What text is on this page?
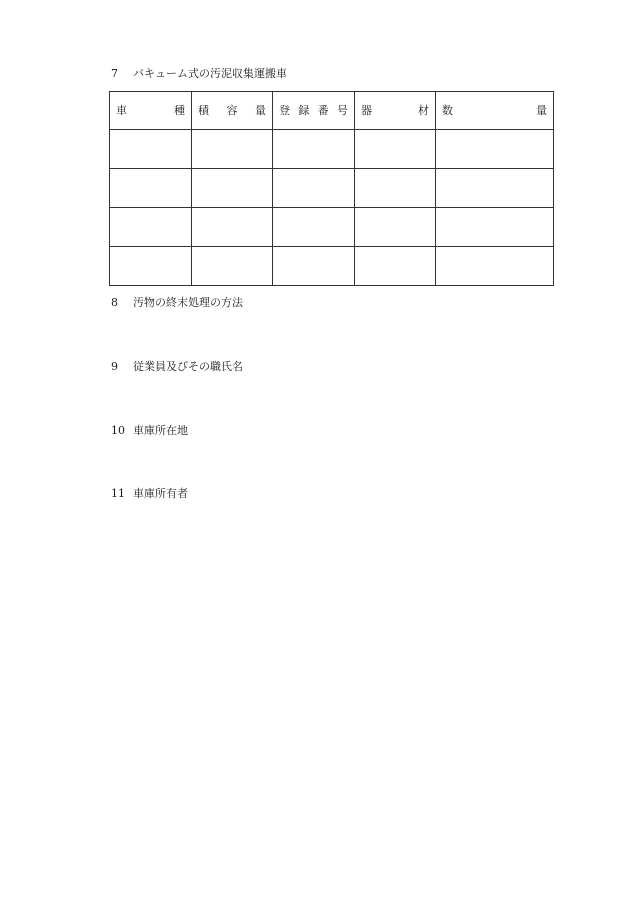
7 バキューム式の汚泥収集運搬車
車 種	積 容 量	登 録 番 号	器 材	数 量

8 汚物の終末処理の方法
9 従業員及びその職氏名
10 車庫所在地
11 車庫所有者
